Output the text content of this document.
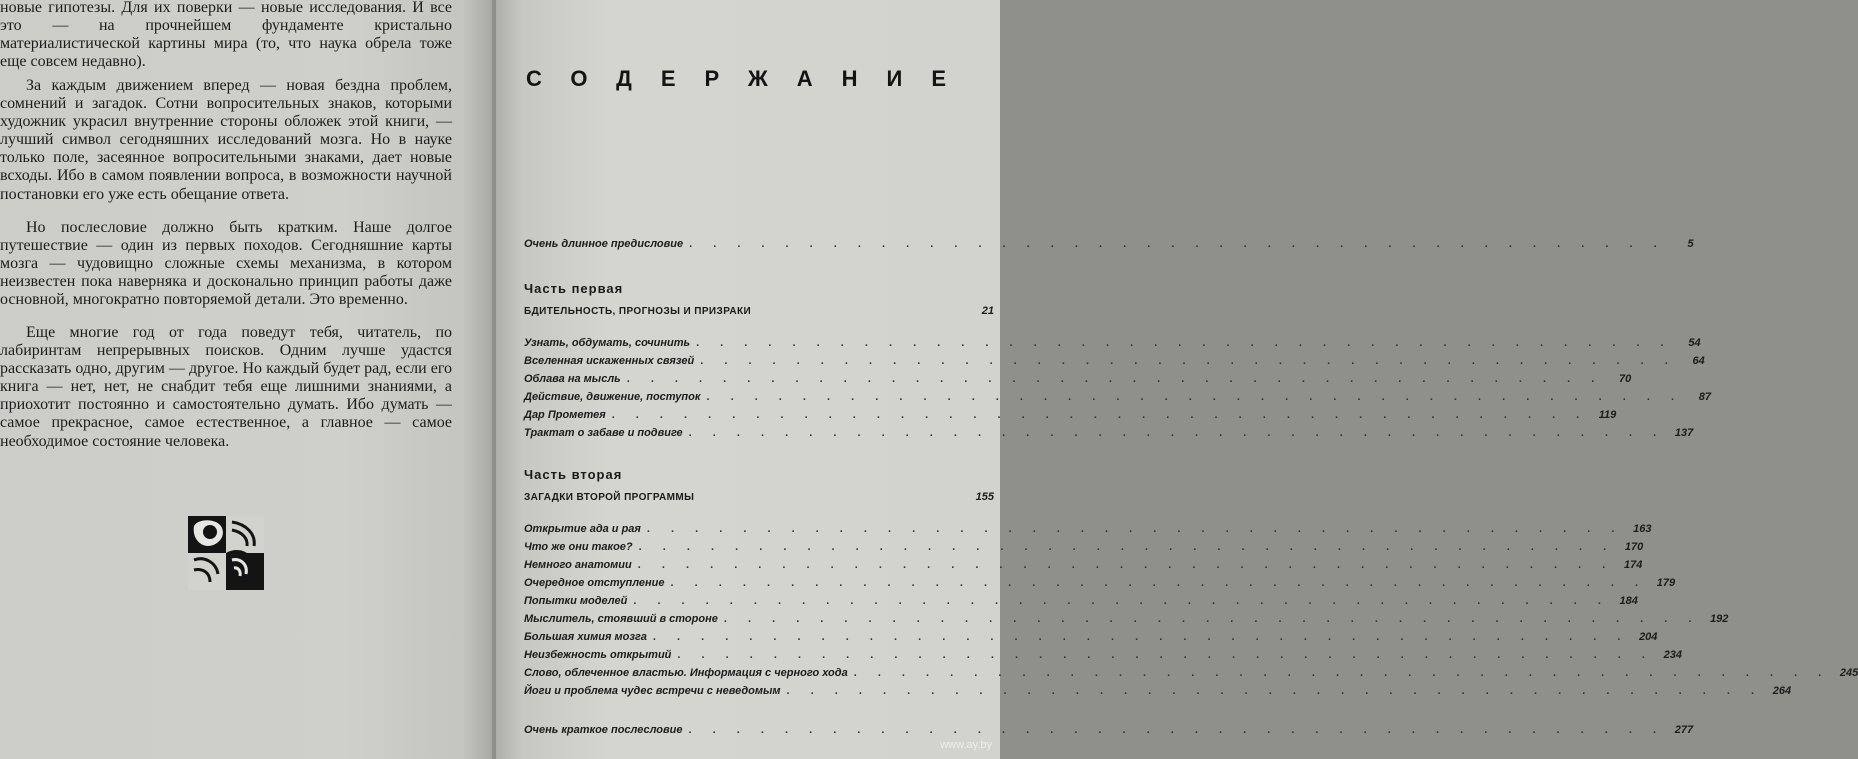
новые гипотезы. Для их поверки — новые исследования. И все это — на прочнейшем фундаменте кристально материалистической картины мира (то, что наука обрела тоже еще совсем недавно).

За каждым движением вперед — новая бездна проблем, сомнений и загадок. Сотни вопросительных знаков, которыми художник украсил внутренние стороны обложек этой книги, — лучший символ сегодняшних исследований мозга. Но в науке только поле, засеянное вопросительными знаками, дает новые всходы. Ибо в самом появлении вопроса, в возможности научной постановки его уже есть обещание ответа.

Но послесловие должно быть кратким. Наше долгое путешествие — один из первых походов. Сегодняшние карты мозга — чудовищно сложные схемы механизма, в котором неизвестен пока наверняка и досконально принцип работы даже основной, многократно повторяемой детали. Это временно.

Еще многие год от года поведут тебя, читатель, по лабиринтам непрерывных поисков. Одним лучше удастся рассказать одно, другим — другое. Но каждый будет рад, если его книга — нет, нет, не снабдит тебя еще лишними знаниями, а приохотит постоянно и самостоятельно думать. Ибо думать — самое прекрасное, самое естественное, а главное — самое необходимое состояние человека.

СОДЕРЖАНИЕ
Очень длинное предисловие . . . . . . . . . . . . . . . . . . . . . . . . . . . . . . . . . . . . . . . . .	5
Часть первая
БДИТЕЛЬНОСТЬ, ПРОГНОЗЫ И ПРИЗРАКИ	21
Узнать, обдумать, сочинить . . . . . . . . . . . . . . . . . . . . . . . . . . . . . . . . . . . . . . . . .	54
Вселенная искаженных связей . . . . . . . . . . . . . . . . . . . . . . . . . . . . . . . . . . . . . . . . .	64
Облава на мысль . . . . . . . . . . . . . . . . . . . . . . . . . . . . . . . . . . . . . . . . .	70
Действие, движение, поступок . . . . . . . . . . . . . . . . . . . . . . . . . . . . . . . . . . . . . . . . .	87
Дар Прометея . . . . . . . . . . . . . . . . . . . . . . . . . . . . . . . . . . . . . . . . . 119
Трактат о забаве и подвиге . . . . . . . . . . . . . . . . . . . . . . . . . . . . . . . . . . . . . . . . . 137
Часть вторая
ЗАГАДКИ ВТОРОЙ ПРОГРАММЫ	155
Открытие ада и рая . . . . . . . . . . . . . . . . . . . . . . . . . . . . . . . . . . . . . . . . . 163
Что же они такое? . . . . . . . . . . . . . . . . . . . . . . . . . . . . . . . . . . . . . . . . . 170
Немного анатомии . . . . . . . . . . . . . . . . . . . . . . . . . . . . . . . . . . . . . . . . . 174
Очередное отступление . . . . . . . . . . . . . . . . . . . . . . . . . . . . . . . . . . . . . . . . . 179
Попытки моделей . . . . . . . . . . . . . . . . . . . . . . . . . . . . . . . . . . . . . . . . . 184
Мыслитель, стоявший в стороне . . . . . . . . . . . . . . . . . . . . . . . . . . . . . . . . . . . . . . . . . 192
Большая химия мозга . . . . . . . . . . . . . . . . . . . . . . . . . . . . . . . . . . . . . . . . . 204
Неизбежность открытий . . . . . . . . . . . . . . . . . . . . . . . . . . . . . . . . . . . . . . . . . 234
Слово, облеченное властью. Информация с черного хода . . . . . . . . . . . . . . . . . . . . . . . . . . . . . . . . . . . . . . . . . 245
Йоги и проблема чудес встречи с неведомым . . . . . . . . . . . . . . . . . . . . . . . . . . . . . . . . . . . . . . . . . 264
Очень краткое послесловие . . . . . . . . . . . . . . . . . . . . . . . . . . . . . . . . . . . . . . . . . 277
www.ay.by
